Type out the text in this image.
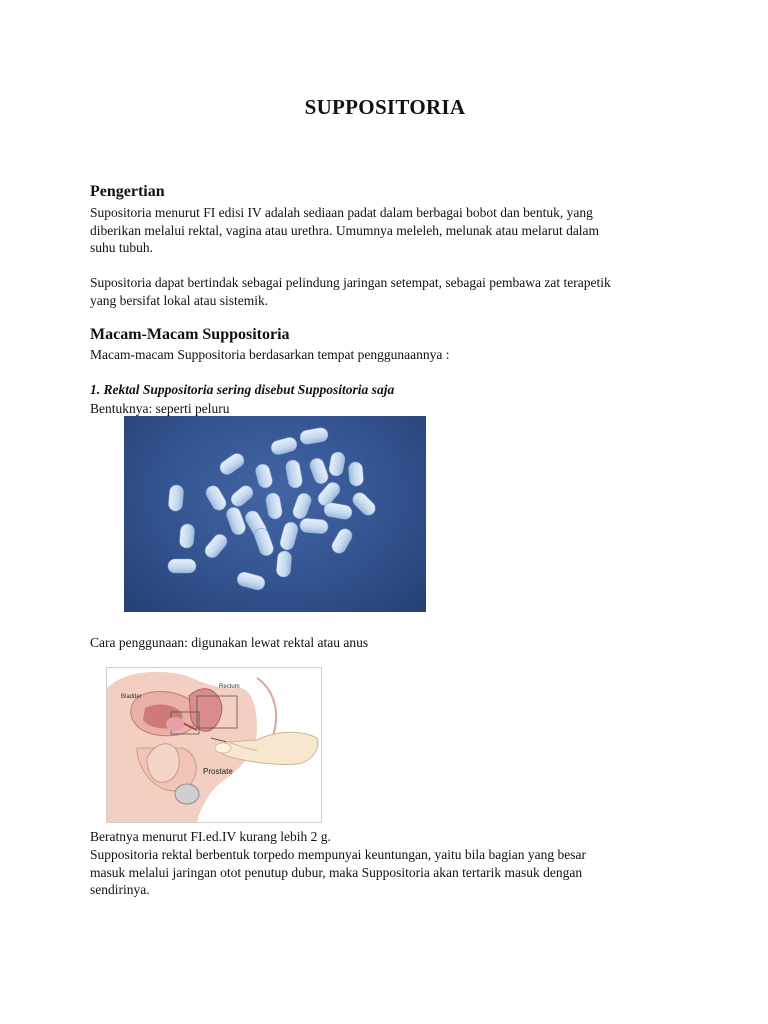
SUPPOSITORIA
Pengertian
Supositoria menurut FI edisi IV adalah sediaan padat dalam berbagai bobot dan bentuk, yang
diberikan melalui rektal, vagina atau urethra. Umumnya meleleh, melunak atau melarut dalam
suhu tubuh.
Supositoria dapat bertindak sebagai pelindung jaringan setempat, sebagai pembawa zat terapetik
yang bersifat lokal atau sistemik.
Macam-Macam Suppositoria
Macam-macam Suppositoria berdasarkan tempat penggunaannya :
1. Rektal Suppositoria sering disebut Suppositoria saja
Bentuknya: seperti peluru
Cara penggunaan: digunakan lewat rektal atau anus
Bladder
Rectum
Prostate
Beratnya menurut FI.ed.IV kurang lebih 2 g.
Suppositoria rektal berbentuk torpedo mempunyai keuntungan, yaitu bila bagian yang besar
masuk melalui jaringan otot penutup dubur, maka Suppositoria akan tertarik masuk dengan
sendirinya.
